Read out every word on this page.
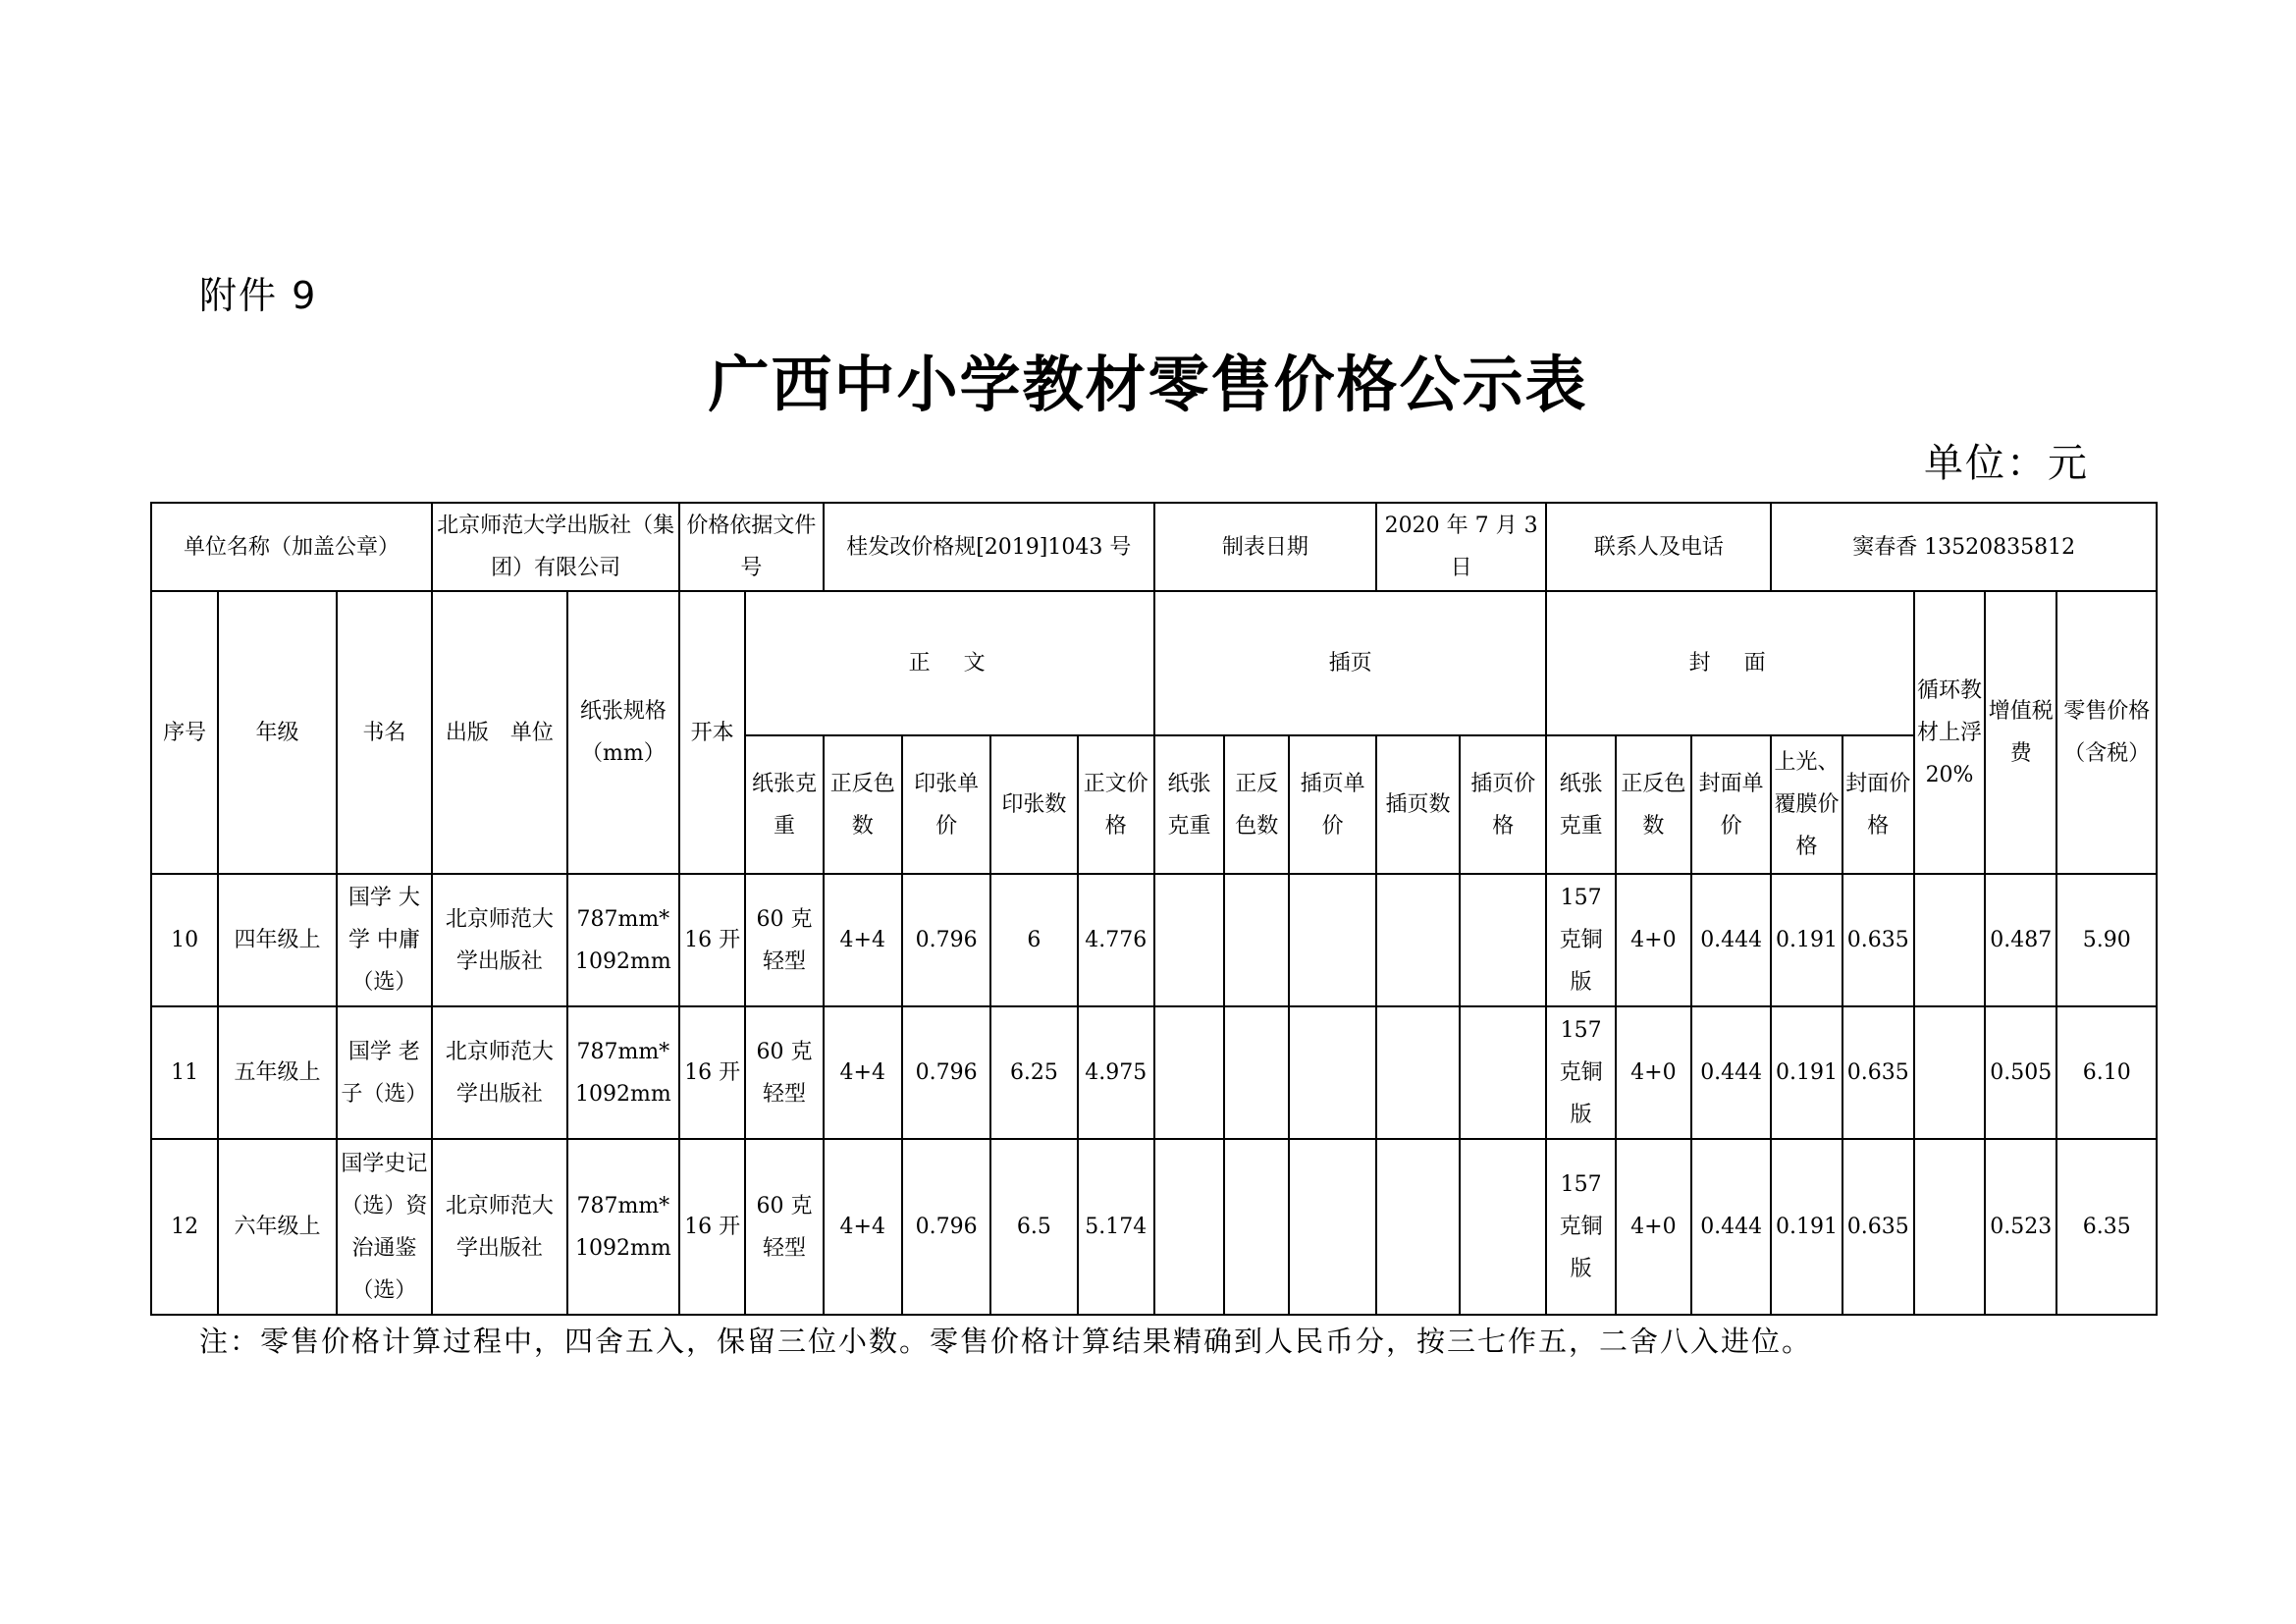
附件 9
广西中小学教材零售价格公示表
单位：元
单位名称（加盖公章）			北京师范大学出版社（集团）有限公司		价格依据文件号		桂发改价格规[2019]1043 号				制表日期			2020 年 7 月 3 日		联系人及电话			窦春香 13520835812				
序号	年级	书名	出版　单位	纸张规格（mm）	开本	正　文					插页					封　面					循环教材上浮20%	增值税费	零售价格（含税）
						纸张克重	正反色数	印张单价	印张数	正文价格	纸张克重	正反色数	插页单价	插页数	插页价格	纸张克重	正反色数	封面单价	上光、覆膜价格	封面价格			
10	四年级上	国学 大学 中庸（选）	北京师范大学出版社	787mm*1092mm	16 开	60 克轻型	4+4	0.796	6	4.776						157 克铜版	4+0	0.444	0.191	0.635		0.487	5.90
11	五年级上	国学 老子（选）	北京师范大学出版社	787mm*1092mm	16 开	60 克轻型	4+4	0.796	6.25	4.975						157 克铜版	4+0	0.444	0.191	0.635		0.505	6.10
12	六年级上	国学史记（选）资治通鉴（选）	北京师范大学出版社	787mm*1092mm	16 开	60 克轻型	4+4	0.796	6.5	5.174						157 克铜版	4+0	0.444	0.191	0.635		0.523	6.35
注：零售价格计算过程中，四舍五入，保留三位小数。零售价格计算结果精确到人民币分，按三七作五，二舍八入进位。
